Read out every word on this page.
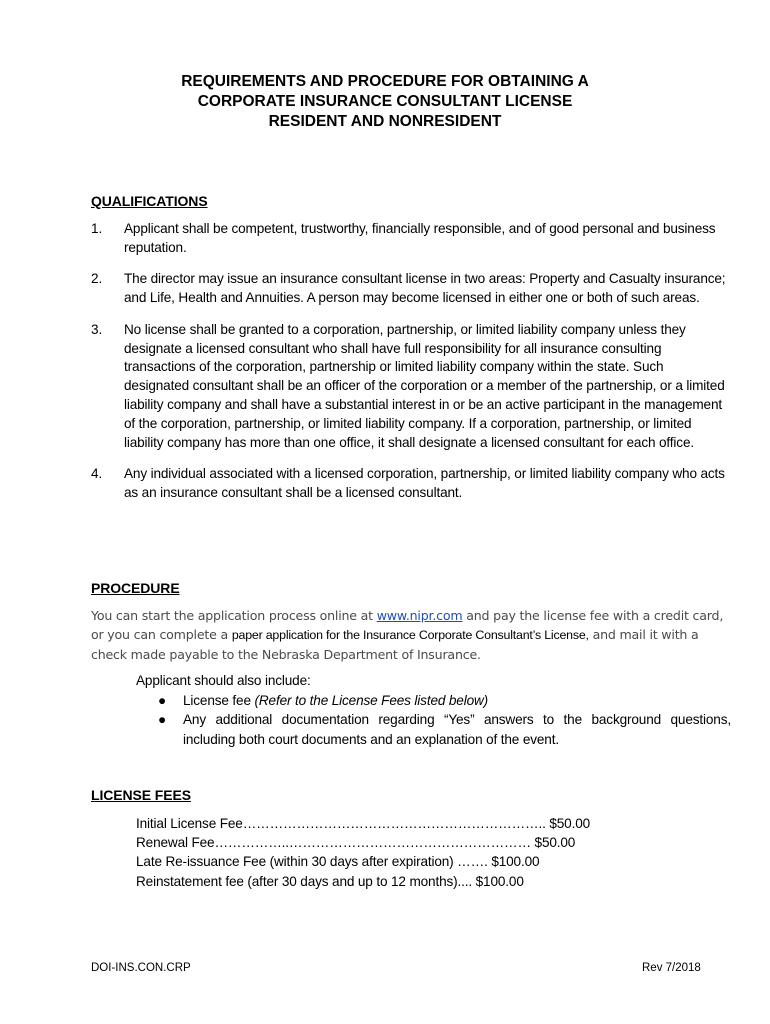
REQUIREMENTS AND PROCEDURE FOR OBTAINING A
CORPORATE INSURANCE CONSULTANT LICENSE
RESIDENT AND NONRESIDENT
QUALIFICATIONS
1.	Applicant shall be competent, trustworthy, financially responsible, and of good personal and business reputation.
2.	The director may issue an insurance consultant license in two areas: Property and Casualty insurance; and Life, Health and Annuities. A person may become licensed in either one or both of such areas.
3.	No license shall be granted to a corporation, partnership, or limited liability company unless they designate a licensed consultant who shall have full responsibility for all insurance consulting transactions of the corporation, partnership or limited liability company within the state. Such designated consultant shall be an officer of the corporation or a member of the partnership, or a limited liability company and shall have a substantial interest in or be an active participant in the management of the corporation, partnership, or limited liability company. If a corporation, partnership, or limited liability company has more than one office, it shall designate a licensed consultant for each office.
4.	Any individual associated with a licensed corporation, partnership, or limited liability company who acts as an insurance consultant shall be a licensed consultant.
PROCEDURE
You can start the application process online at www.nipr.com and pay the license fee with a credit card, or you can complete a paper application for the Insurance Corporate Consultant’s License, and mail it with a check made payable to the Nebraska Department of Insurance.
Applicant should also include:
●	License fee (Refer to the License Fees listed below)
●	Any additional documentation regarding “Yes” answers to the background questions, including both court documents and an explanation of the event.
LICENSE FEES
Initial License Fee………………………………………………………….. $50.00
Renewal Fee……………..……………………………………………… $50.00
Late Re-issuance Fee (within 30 days after expiration) ……. $100.00
Reinstatement fee (after 30 days and up to 12 months).... $100.00
DOI-INS.CON.CRP	Rev 7/2018
